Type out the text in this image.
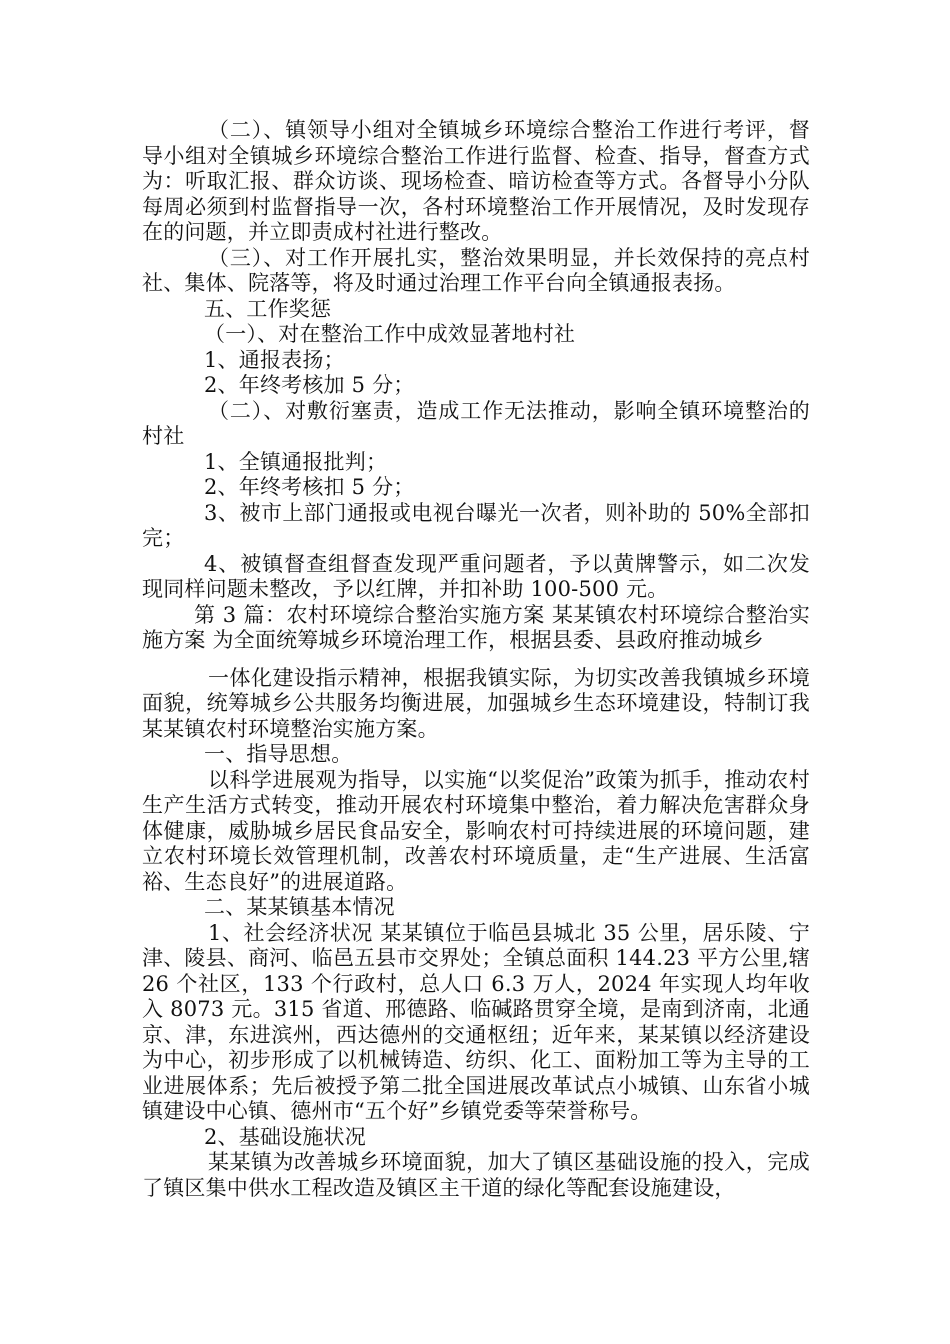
（二）、镇领导小组对全镇城乡环境综合整治工作进行考评，督导小组对全镇城乡环境综合整治工作进行监督、检查、指导，督查方式为：听取汇报、群众访谈、现场检查、暗访检查等方式。各督导小分队每周必须到村监督指导一次，各村环境整治工作开展情况，及时发现存在的问题，并立即责成村社进行整改。

（三）、对工作开展扎实，整治效果明显，并长效保持的亮点村社、集体、院落等，将及时通过治理工作平台向全镇通报表扬。

五、工作奖惩

（一）、对在整治工作中成效显著地村社

1、通报表扬；

2、年终考核加 5 分；

（二）、对敷衍塞责，造成工作无法推动，影响全镇环境整治的村社

1、全镇通报批判；

2、年终考核扣 5 分；

3、被市上部门通报或电视台曝光一次者，则补助的 50%全部扣完；

4、被镇督查组督查发现严重问题者，予以黄牌警示，如二次发现同样问题未整改，予以红牌，并扣补助 100-500 元。

第 3 篇：农村环境综合整治实施方案 某某镇农村环境综合整治实施方案 为全面统筹城乡环境治理工作，根据县委、县政府推动城乡

一体化建设指示精神，根据我镇实际，为切实改善我镇城乡环境面貌，统筹城乡公共服务均衡进展，加强城乡生态环境建设，特制订我某某镇农村环境整治实施方案。

一、指导思想。

以科学进展观为指导，以实施“以奖促治”政策为抓手，推动农村生产生活方式转变，推动开展农村环境集中整治，着力解决危害群众身体健康，威胁城乡居民食品安全，影响农村可持续进展的环境问题，建立农村环境长效管理机制，改善农村环境质量，走“生产进展、生活富裕、生态良好”的进展道路。

二、某某镇基本情况

1、社会经济状况 某某镇位于临邑县城北 35 公里，居乐陵、宁津、陵县、商河、临邑五县市交界处；全镇总面积 144.23 平方公里,辖 26 个社区，133 个行政村，总人口 6.3 万人，2024 年实现人均年收入 8073 元。315 省道、邢德路、临碱路贯穿全境，是南到济南，北通京、津，东进滨州，西达德州的交通枢纽；近年来，某某镇以经济建设为中心，初步形成了以机械铸造、纺织、化工、面粉加工等为主导的工业进展体系；先后被授予第二批全国进展改革试点小城镇、山东省小城镇建设中心镇、德州市“五个好”乡镇党委等荣誉称号。

2、基础设施状况

某某镇为改善城乡环境面貌，加大了镇区基础设施的投入，完成了镇区集中供水工程改造及镇区主干道的绿化等配套设施建设，
